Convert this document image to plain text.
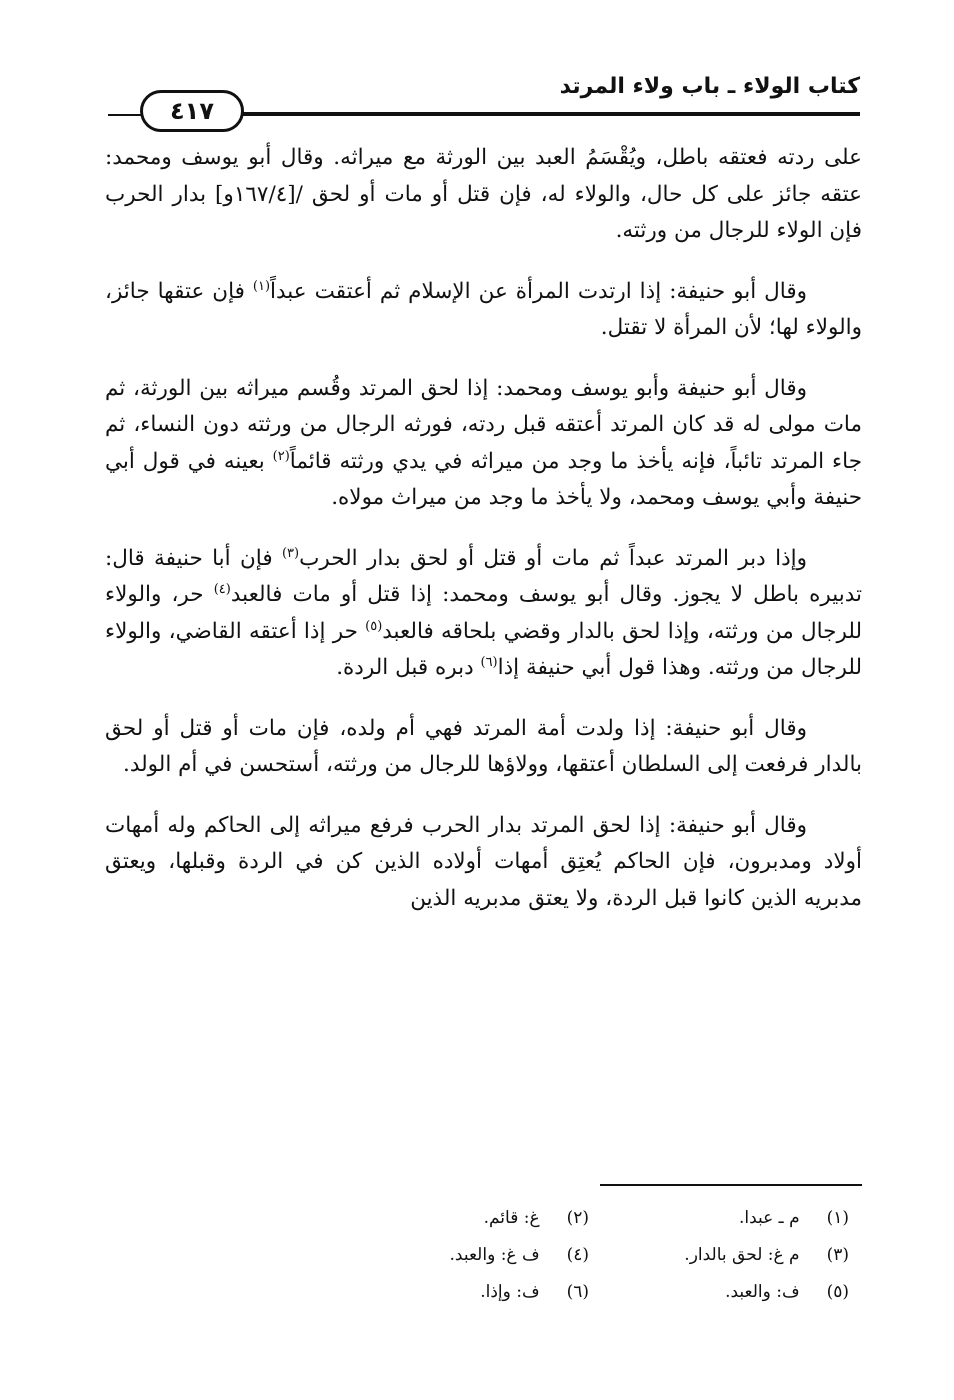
كتاب الولاء ـ باب ولاء المرتد
٤١٧

على ردته فعتقه باطل، ويُقْسَمُ العبد بين الورثة مع ميراثه. وقال أبو يوسف ومحمد: عتقه جائز على كل حال، والولاء له، فإن قتل أو مات أو لحق /[١٦٧/٤و] بدار الحرب فإن الولاء للرجال من ورثته.

وقال أبو حنيفة: إذا ارتدت المرأة عن الإسلام ثم أعتقت عبداً$^{(١)}$ فإن عتقها جائز، والولاء لها؛ لأن المرأة لا تقتل.

وقال أبو حنيفة وأبو يوسف ومحمد: إذا لحق المرتد وقُسم ميراثه بين الورثة، ثم مات مولى له قد كان المرتد أعتقه قبل ردته، فورثه الرجال من ورثته دون النساء، ثم جاء المرتد تائباً، فإنه يأخذ ما وجد من ميراثه في يدي ورثته قائماً$^{(٢)}$ بعينه في قول أبي حنيفة وأبي يوسف ومحمد، ولا يأخذ ما وجد من ميراث مولاه.

وإذا دبر المرتد عبداً ثم مات أو قتل أو لحق بدار الحرب$^{(٣)}$ فإن أبا حنيفة قال: تدبيره باطل لا يجوز. وقال أبو يوسف ومحمد: إذا قتل أو مات فالعبد$^{(٤)}$ حر، والولاء للرجال من ورثته، وإذا لحق بالدار وقضي بلحاقه فالعبد$^{(٥)}$ حر إذا أعتقه القاضي، والولاء للرجال من ورثته. وهذا قول أبي حنيفة إذا$^{(٦)}$ دبره قبل الردة.

وقال أبو حنيفة: إذا ولدت أمة المرتد فهي أم ولده، فإن مات أو قتل أو لحق بالدار فرفعت إلى السلطان أعتقها، وولاؤها للرجال من ورثته، أستحسن في أم الولد.

وقال أبو حنيفة: إذا لحق المرتد بدار الحرب فرفع ميراثه إلى الحاكم وله أمهات أولاد ومدبرون، فإن الحاكم يُعتِق أمهات أولاده الذين كن في الردة وقبلها، ويعتق مدبريه الذين كانوا قبل الردة، ولا يعتق مدبريه الذين

(١) م ـ عبدا.
(٢) غ: قائم.
(٣) م غ: لحق بالدار.
(٤) ف غ: والعبد.
(٥) ف: والعبد.
(٦) ف: وإذا.
